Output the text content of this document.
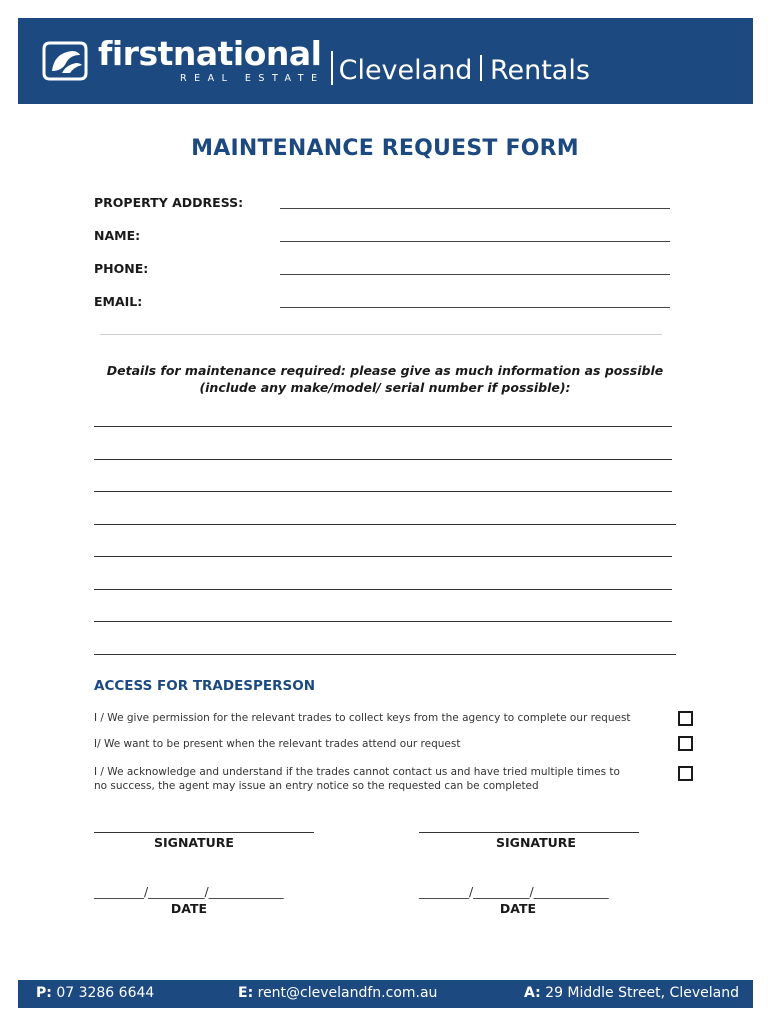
firstnational
REAL ESTATE Cleveland Rentals
MAINTENANCE REQUEST FORM
PROPERTY ADDRESS:
NAME:
PHONE:
EMAIL:
Details for maintenance required: please give as much information as possible
(include any make/model/ serial number if possible):
ACCESS FOR TRADESPERSON
I / We give permission for the relevant trades to collect keys from the agency to complete our request
I/ We want to be present when the relevant trades attend our request
I / We acknowledge and understand if the trades cannot contact us and have tried multiple times to
no success, the agent may issue an entry notice so the requested can be completed
SIGNATURE	SIGNATURE
________/_________/____________
DATE
________/_________/____________
DATE
P: 07 3286 6644	E: rent@clevelandfn.com.au	A: 29 Middle Street, Cleveland
